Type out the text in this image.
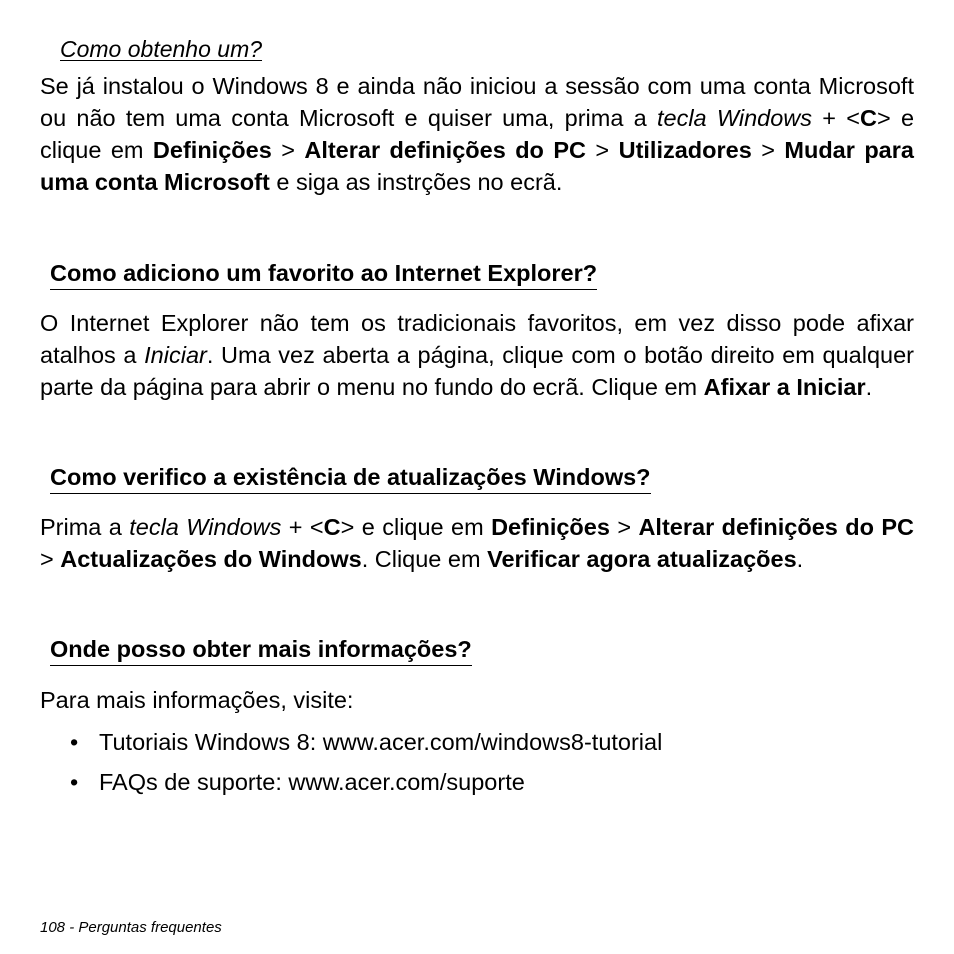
Como obtenho um?

Se já instalou o Windows 8 e ainda não iniciou a sessão com uma conta Microsoft ou não tem uma conta Microsoft e quiser uma, prima a tecla Windows + <C> e clique em Definições > Alterar definições do PC > Utilizadores > Mudar para uma conta Microsoft e siga as instrções no ecrã.

Como adiciono um favorito ao Internet Explorer?

O Internet Explorer não tem os tradicionais favoritos, em vez disso pode afixar atalhos a Iniciar. Uma vez aberta a página, clique com o botão direito em qualquer parte da página para abrir o menu no fundo do ecrã. Clique em Afixar a Iniciar.

Como verifico a existência de atualizações Windows?

Prima a tecla Windows + <C> e clique em Definições > Alterar definições do PC > Actualizações do Windows. Clique em Verificar agora atualizações.

Onde posso obter mais informações?

Para mais informações, visite:

• Tutoriais Windows 8: www.acer.com/windows8-tutorial
• FAQs de suporte: www.acer.com/suporte

108 - Perguntas frequentes
